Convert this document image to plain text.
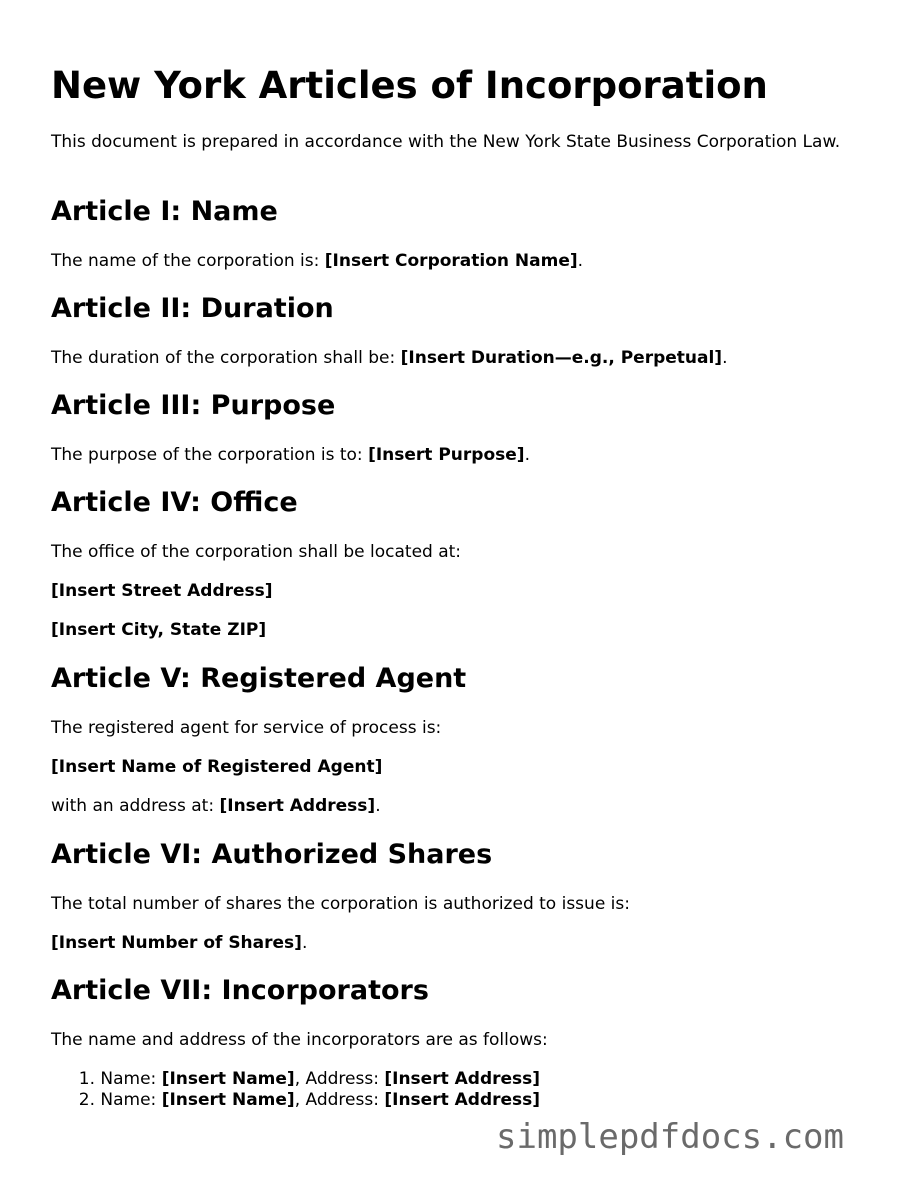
New York Articles of Incorporation
This document is prepared in accordance with the New York State Business Corporation Law.
Article I: Name

The name of the corporation is: [Insert Corporation Name].

Article II: Duration

The duration of the corporation shall be: [Insert Duration—e.g., Perpetual].

Article III: Purpose

The purpose of the corporation is to: [Insert Purpose].

Article IV: Office

The office of the corporation shall be located at:

[Insert Street Address]

[Insert City, State ZIP]

Article V: Registered Agent

The registered agent for service of process is:

[Insert Name of Registered Agent]

with an address at: [Insert Address].

Article VI: Authorized Shares

The total number of shares the corporation is authorized to issue is:

[Insert Number of Shares].

Article VII: Incorporators

The name and address of the incorporators are as follows:

1. Name: [Insert Name], Address: [Insert Address]
2. Name: [Insert Name], Address: [Insert Address]
simplepdfdocs.com
